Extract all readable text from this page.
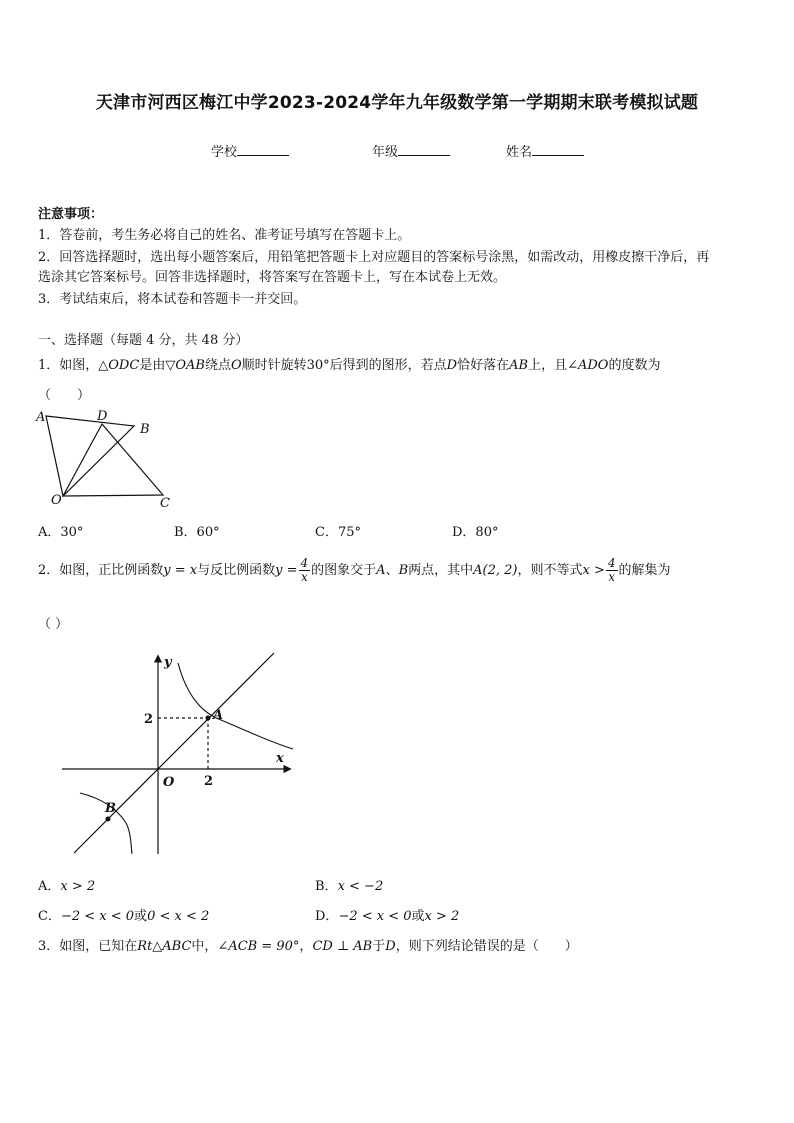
天津市河西区梅江中学2023-2024学年九年级数学第一学期期末联考模拟试题
学校	年级	姓名
注意事项：
1．答卷前，考生务必将自己的姓名、准考证号填写在答题卡上。
2．回答选择题时，选出每小题答案后，用铅笔把答题卡上对应题目的答案标号涂黑，如需改动，用橡皮擦干净后，再
选涂其它答案标号。回答非选择题时，将答案写在答题卡上，写在本试卷上无效。
3．考试结束后，将本试卷和答题卡一并交回。
一、选择题（每题 4 分，共 48 分）
1．如图，△ODC是由▽OAB绕点O顺时针旋转30°后得到的图形，若点D恰好落在AB上，且∠ADO的度数为
（　　）
A	D
B
O	C
A．30°	B．60°	C．75°	D．80°
2．如图，正比例函数y = x与反比例函数$y = \frac{4}{x}$ 的图象交于A、B两点，其中A(2, 2)，则不等式$x > \frac{4}{x}$ 的解集为
（ ）
y
x
O
A
B
2
2
A．x > 2	B．x < −2
C．−2 < x < 0或0 < x < 2	D．−2 < x < 0或x > 2
3．如图，已知在Rt△ABC中，∠ACB = 90°，CD ⊥ AB于D，则下列结论错误的是（　　）
